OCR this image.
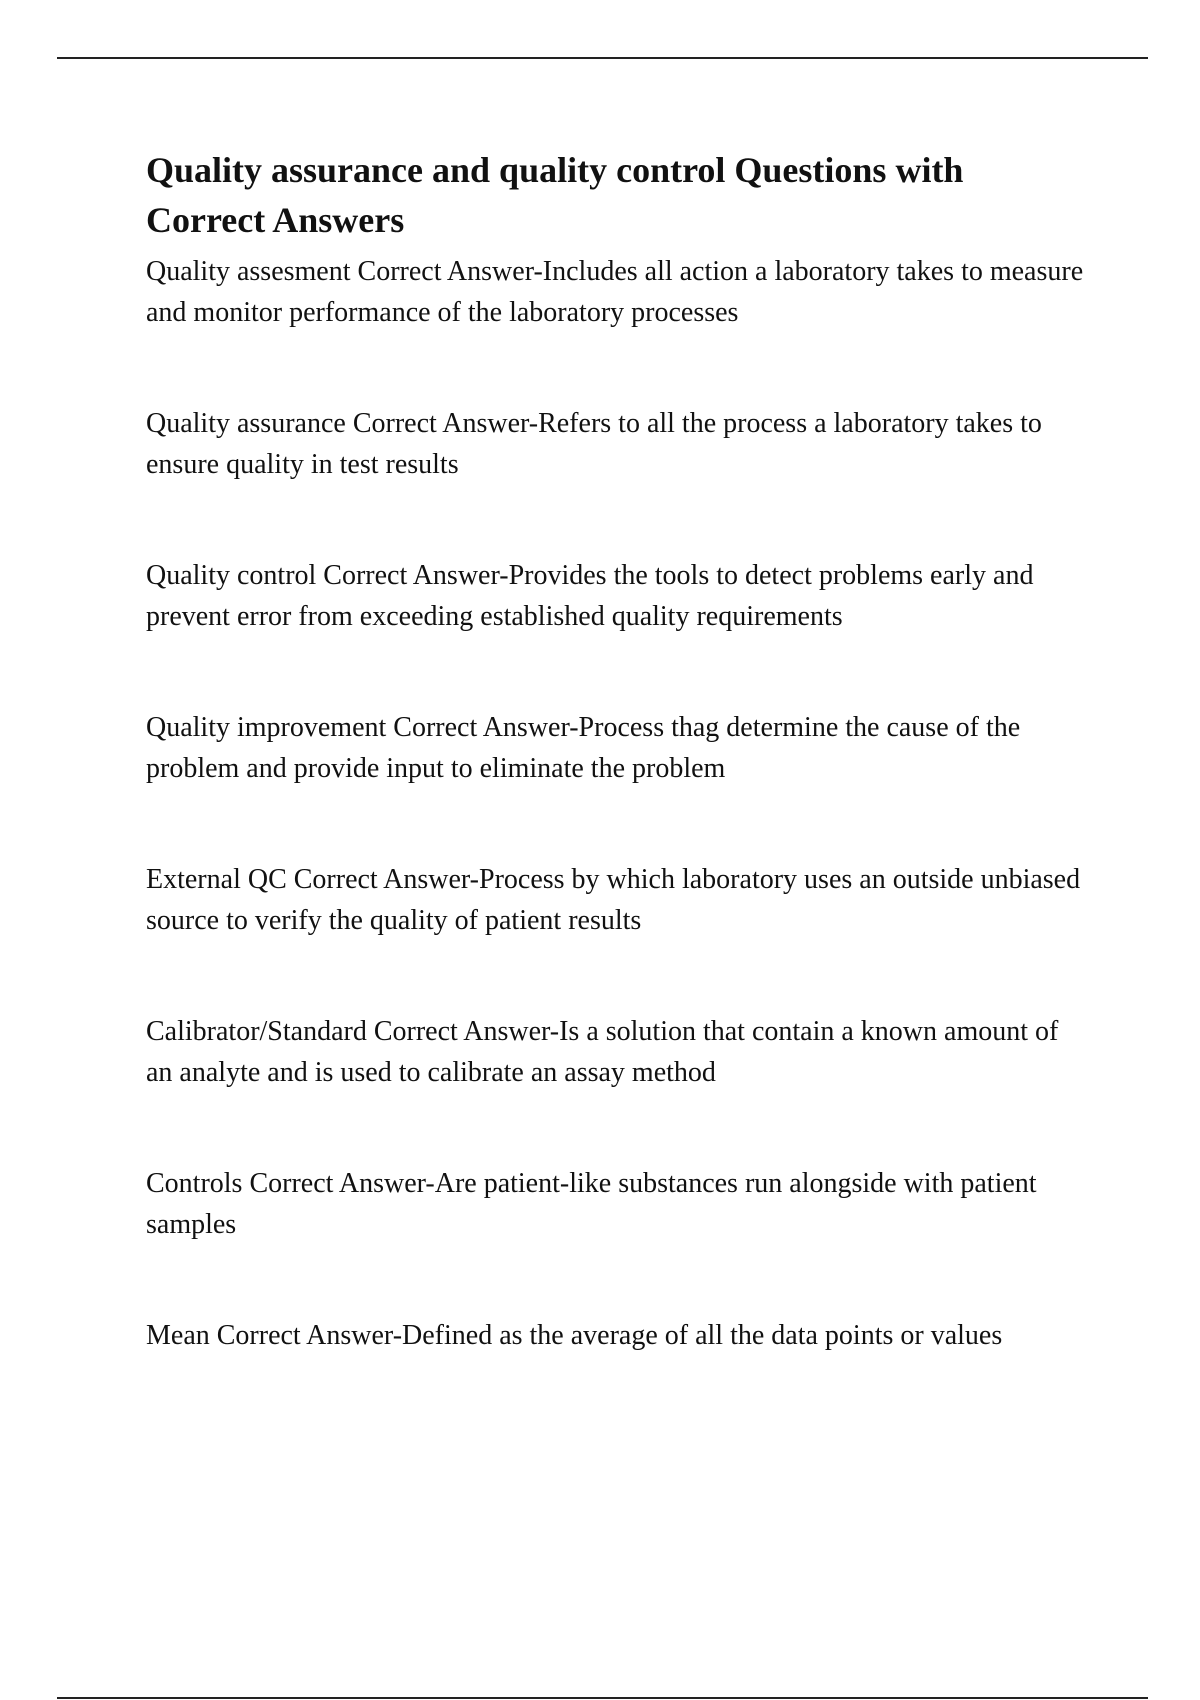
Quality assurance and quality control Questions with Correct Answers

Quality assesment Correct Answer-Includes all action a laboratory takes to measure and monitor performance of the laboratory processes

Quality assurance Correct Answer-Refers to all the process a laboratory takes to ensure quality in test results

Quality control Correct Answer-Provides the tools to detect problems early and prevent error from exceeding established quality requirements

Quality improvement Correct Answer-Process thag determine the cause of the problem and provide input to eliminate the problem

External QC Correct Answer-Process by which laboratory uses an outside unbiased source to verify the quality of patient results

Calibrator/Standard Correct Answer-Is a solution that contain a known amount of an analyte and is used to calibrate an assay method

Controls Correct Answer-Are patient-like substances run alongside with patient samples

Mean Correct Answer-Defined as the average of all the data points or values
